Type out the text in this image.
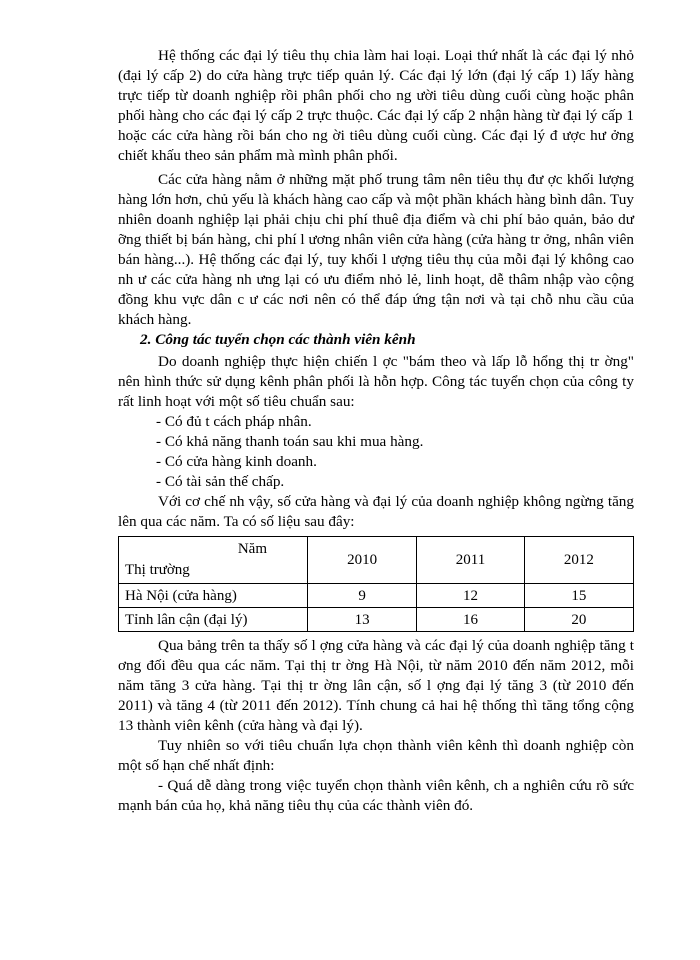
Hệ thống các đại lý tiêu thụ chia làm hai loại. Loại thứ nhất là các đại lý nhỏ (đại lý cấp 2) do cửa hàng trực tiếp quản lý. Các đại lý lớn (đại lý cấp 1) lấy hàng trực tiếp từ doanh nghiệp rồi phân phối cho ng ười tiêu dùng cuối cùng hoặc phân phối hàng cho các đại lý cấp 2 trực thuộc. Các đại lý cấp 2 nhận hàng từ đại lý cấp 1 hoặc các cửa hàng rồi bán cho ng ời tiêu dùng cuối cùng. Các đại lý đ ược hư ởng chiết khấu theo sản phẩm mà mình phân phối.

Các cửa hàng nằm ở những mặt phố trung tâm nên tiêu thụ đư ợc khối lượng hàng lớn hơn, chủ yếu là khách hàng cao cấp và một phần khách hàng bình dân. Tuy nhiên doanh nghiệp lại phải chịu chi phí thuê địa điểm và chi phí bảo quản, bảo dư ỡng thiết bị bán hàng, chi phí l ương nhân viên cửa hàng (cửa hàng tr ởng, nhân viên bán hàng...). Hệ thống các đại lý, tuy khối l ượng tiêu thụ của mỗi đại lý không cao nh ư các cửa hàng nh ưng lại có ưu điểm nhỏ lẻ, linh hoạt, dễ thâm nhập vào cộng đồng khu vực dân c ư các nơi nên có thể đáp ứng tận nơi và tại chỗ nhu cầu của khách hàng.

2. Công tác tuyển chọn các thành viên kênh

Do doanh nghiệp thực hiện chiến l ợc "bám theo và lấp lỗ hổng thị tr ờng" nên hình thức sử dụng kênh phân phối là hỗn hợp. Công tác tuyển chọn của công ty rất linh hoạt với một số tiêu chuẩn sau:

- Có đủ t cách pháp nhân.

- Có khả năng thanh toán sau khi mua hàng.

- Có cửa hàng kinh doanh.

- Có tài sản thế chấp.

Với cơ chế nh vậy, số cửa hàng và đại lý của doanh nghiệp không ngừng tăng lên qua các năm. Ta có số liệu sau đây:

Năm
Thị trường	2010	2011	2012
Hà Nội (cửa hàng)	9	12	15
Tỉnh lân cận (đại lý)	13	16	20

Qua bảng trên ta thấy số l ợng cửa hàng và các đại lý của doanh nghiệp tăng t ơng đối đều qua các năm. Tại thị tr ờng Hà Nội, từ năm 2010 đến năm 2012, mỗi năm tăng 3 cửa hàng. Tại thị tr ờng lân cận, số l ợng đại lý tăng 3 (từ 2010 đến 2011) và tăng 4 (từ 2011 đến 2012). Tính chung cả hai hệ thống thì tăng tổng cộng 13 thành viên kênh (cửa hàng và đại lý).

Tuy nhiên so với tiêu chuẩn lựa chọn thành viên kênh thì doanh nghiệp còn một số hạn chế nhất định:

- Quá dễ dàng trong việc tuyển chọn thành viên kênh, ch a nghiên cứu rõ sức mạnh bán của họ, khả năng tiêu thụ của các thành viên đó.
